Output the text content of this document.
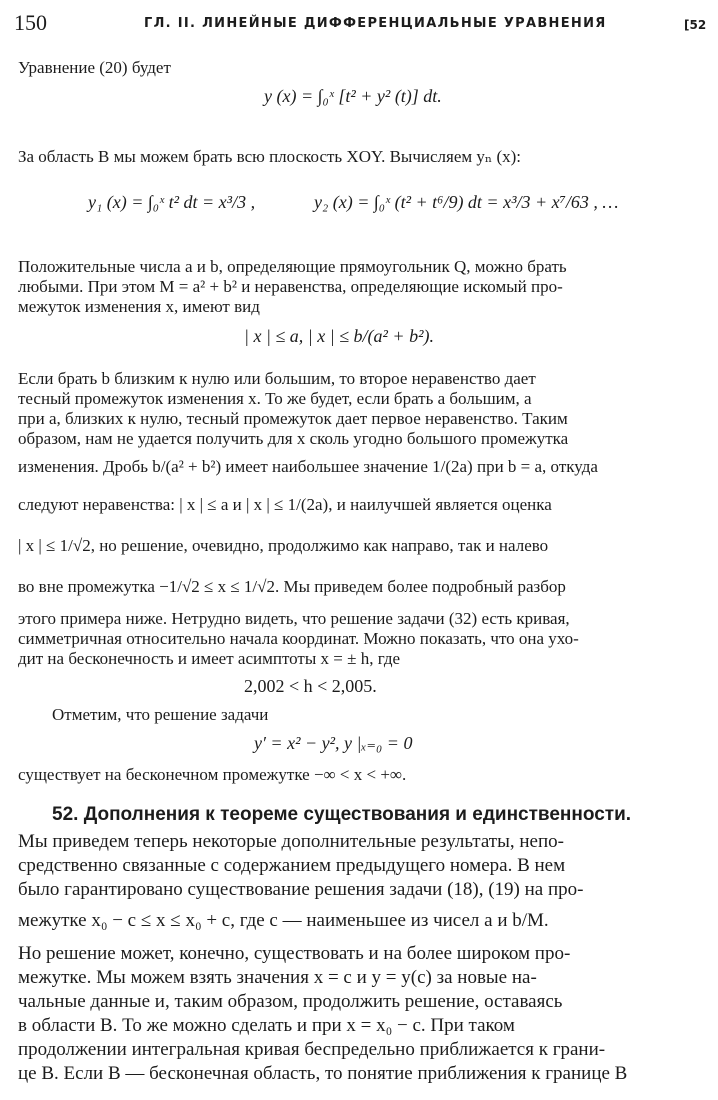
150	ГЛ. II. ЛИНЕЙНЫЕ ДИФФЕРЕНЦИАЛЬНЫЕ УРАВНЕНИЯ	[52
Уравнение (20) будет
y (x) = ∫₀ˣ [t² + y² (t)] dt.
За область B мы можем брать всю плоскость XOY. Вычисляем yₙ (x):
y₁ (x) = ∫₀ˣ t² dt = x³/3 ,	y₂ (x) = ∫₀ˣ (t² + t⁶/9) dt = x³/3 + x⁷/63 , …
Положительные числа a и b, определяющие прямоугольник Q, можно брать
любыми. При этом M = a² + b² и неравенства, определяющие искомый про-
межуток изменения x, имеют вид
| x | ≤ a, | x | ≤ b/(a² + b²).
Если брать b близким к нулю или большим, то второе неравенство дает
тесный промежуток изменения x. То же будет, если брать a большим, a
при a, близких к нулю, тесный промежуток дает первое неравенство. Таким
образом, нам не удается получить для x сколь угодно большого промежутка
изменения. Дробь b/(a² + b²) имеет наибольшее значение 1/(2a) при b = a, откуда
следуют неравенства: | x | ≤ a и | x | ≤ 1/(2a), и наилучшей является оценка
| x | ≤ 1/√2, но решение, очевидно, продолжимо как направо, так и налево
во вне промежутка −1/√2 ≤ x ≤ 1/√2. Мы приведем более подробный разбор
этого примера ниже. Нетрудно видеть, что решение задачи (32) есть кривая,
симметричная относительно начала координат. Можно показать, что она ухо-
дит на бесконечность и имеет асимптоты x = ± h, где
2,002 < h < 2,005.
Отметим, что решение задачи
y′ = x² − y², y |ₓ₌₀ = 0
существует на бесконечном промежутке −∞ < x < +∞.
52. Дополнения к теореме существования и единственности.
Мы приведем теперь некоторые дополнительные результаты, непо-
средственно связанные с содержанием предыдущего номера. В нем
было гарантировано существование решения задачи (18), (19) на про-
межутке x₀ − c ≤ x ≤ x₀ + c, где c — наименьшее из чисел a и b/M.
Но решение может, конечно, существовать и на более широком про-
межутке. Мы можем взять значения x = c и y = y(c) за новые на-
чальные данные и, таким образом, продолжить решение, оставаясь
в области B. То же можно сделать и при x = x₀ − c. При таком
продолжении интегральная кривая беспредельно приближается к грани-
це B. Если B — бесконечная область, то понятие приближения к границе B
